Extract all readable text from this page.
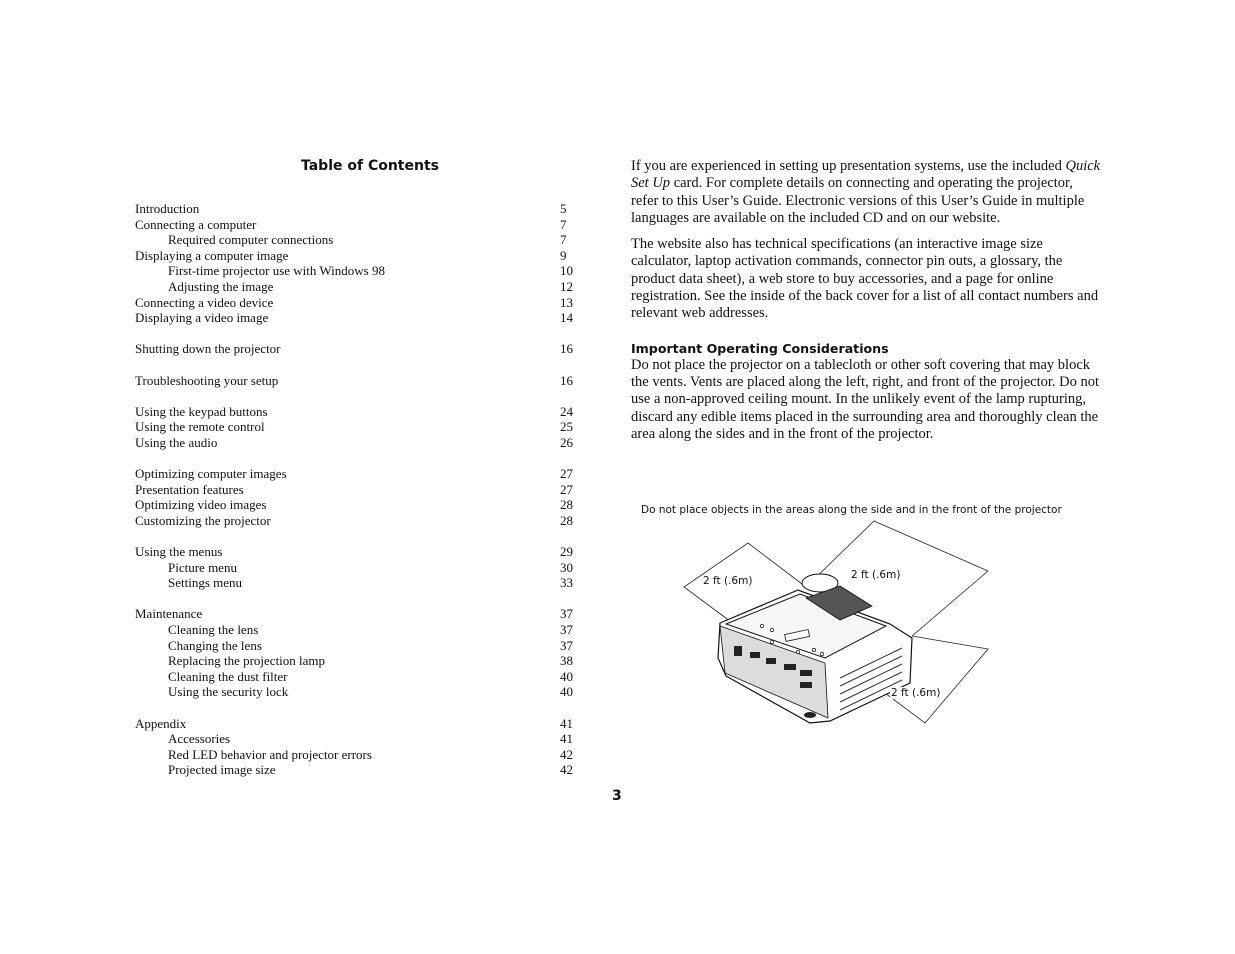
Table of Contents
Introduction	5
Connecting a computer	7
Required computer connections	7
Displaying a computer image	9
First-time projector use with Windows 98	10
Adjusting the image	12
Connecting a video device	13
Displaying a video image	14
Shutting down the projector	16
Troubleshooting your setup	16
Using the keypad buttons	24
Using the remote control	25
Using the audio	26
Optimizing computer images	27
Presentation features	27
Optimizing video images	28
Customizing the projector	28
Using the menus	29
Picture menu	30
Settings menu	33
Maintenance	37
Cleaning the lens	37
Changing the lens	37
Replacing the projection lamp	38
Cleaning the dust filter	40
Using the security lock	40
Appendix	41
Accessories	41
Red LED behavior and projector errors	42
Projected image size	42
3

If you are experienced in setting up presentation systems, use the included Quick Set Up card. For complete details on connecting and operating the projector, refer to this User’s Guide. Electronic versions of this User’s Guide in multiple languages are available on the included CD and on our website.

The website also has technical specifications (an interactive image size calculator, laptop activation commands, connector pin outs, a glossary, the product data sheet), a web store to buy accessories, and a page for online registration. See the inside of the back cover for a list of all contact numbers and relevant web addresses.

Important Operating Considerations

Do not place the projector on a tablecloth or other soft covering that may block the vents. Vents are placed along the left, right, and front of the projector. Do not use a non-approved ceiling mount. In the unlikely event of the lamp rupturing, discard any edible items placed in the surrounding area and thoroughly clean the area along the sides and in the front of the projector.

Do not place objects in the areas along the side and in the front of the projector
2 ft (.6m)	2 ft (.6m)
2 ft (.6m)
